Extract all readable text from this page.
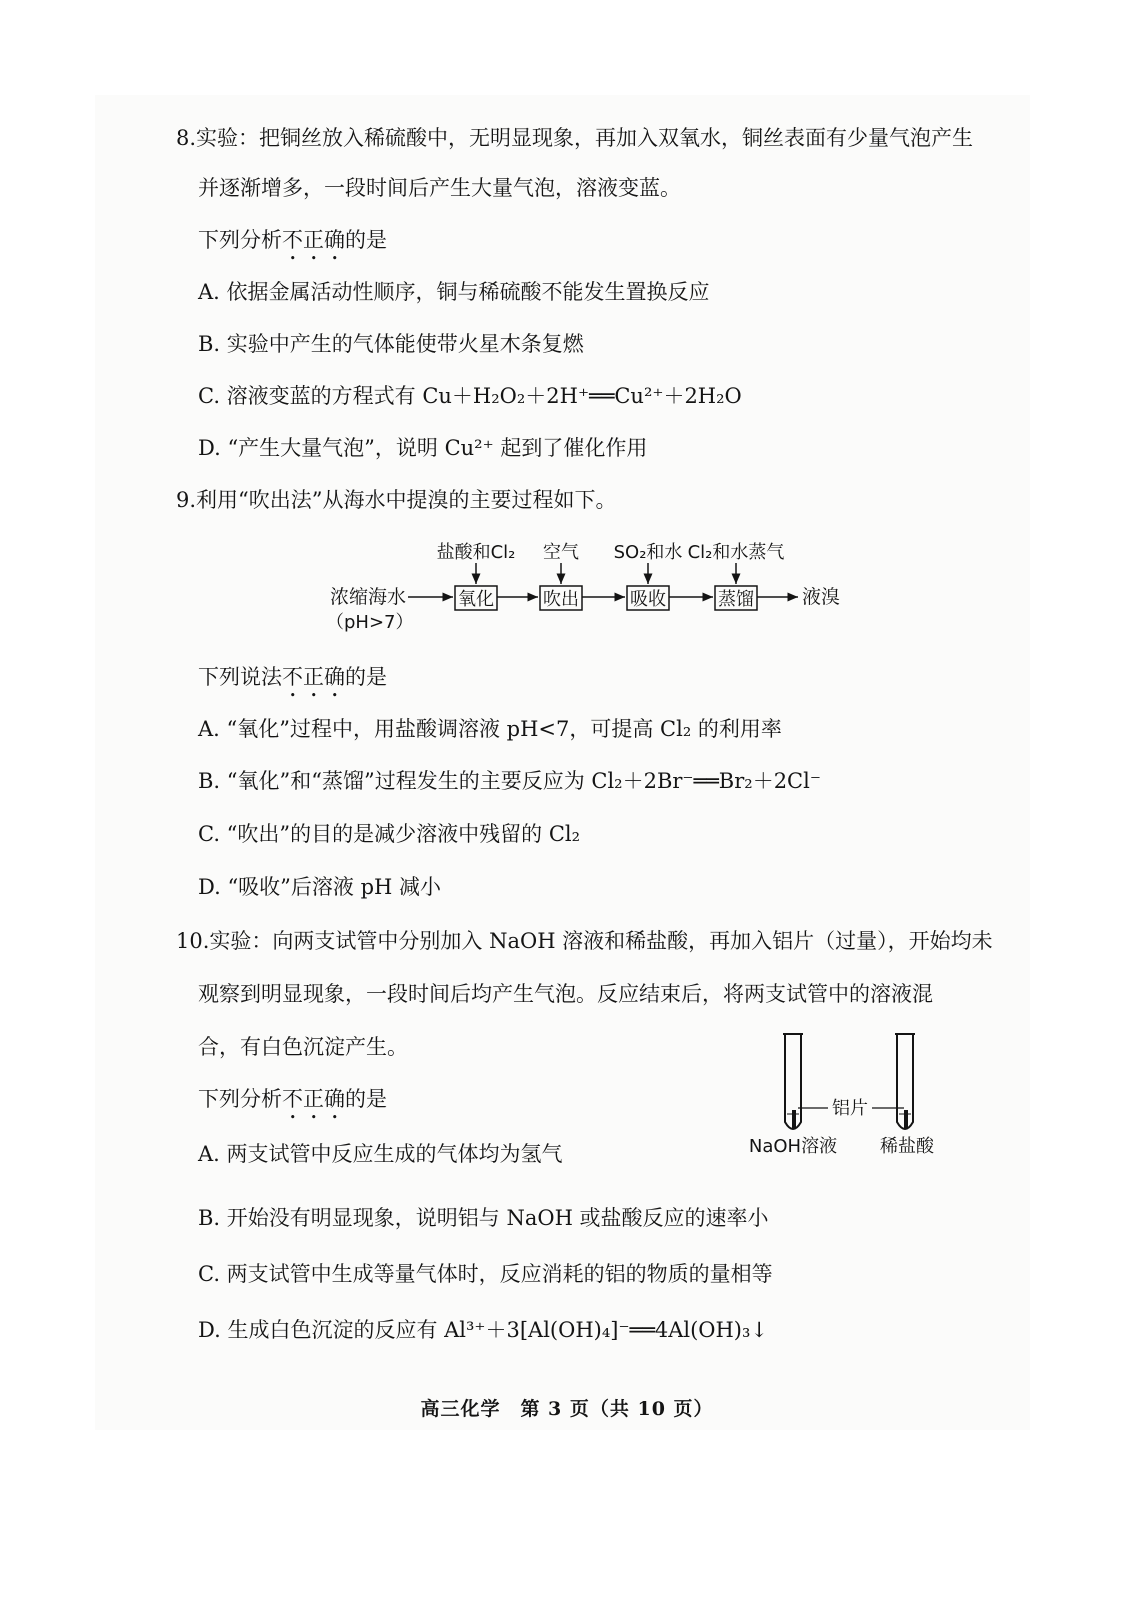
8.实验：把铜丝放入稀硫酸中，无明显现象，再加入双氧水，铜丝表面有少量气泡产生
并逐渐增多，一段时间后产生大量气泡，溶液变蓝。
下列分析不正确的是
A. 依据金属活动性顺序，铜与稀硫酸不能发生置换反应
B. 实验中产生的气体能使带火星木条复燃
C. 溶液变蓝的方程式有 Cu＋H₂O₂＋2H⁺══Cu²⁺＋2H₂O
D. “产生大量气泡”，说明 Cu²⁺ 起到了催化作用
9.利用“吹出法”从海水中提溴的主要过程如下。
盐酸和Cl₂ 空气 SO₂和水 Cl₂和水蒸气
浓缩海水
（pH>7）
氧化	吹出	吸收	蒸馏	液溴
下列说法不正确的是
A. “氧化”过程中，用盐酸调溶液 pH<7，可提高 Cl₂ 的利用率
B. “氧化”和“蒸馏”过程发生的主要反应为 Cl₂＋2Br⁻══Br₂＋2Cl⁻
C. “吹出”的目的是减少溶液中残留的 Cl₂
D. “吸收”后溶液 pH 减小
10.实验：向两支试管中分别加入 NaOH 溶液和稀盐酸，再加入铝片（过量），开始均未
观察到明显现象，一段时间后均产生气泡。反应结束后，将两支试管中的溶液混
合，有白色沉淀产生。
下列分析不正确的是
A. 两支试管中反应生成的气体均为氢气
铝片
NaOH溶液 稀盐酸
B. 开始没有明显现象，说明铝与 NaOH 或盐酸反应的速率小
C. 两支试管中生成等量气体时，反应消耗的铝的物质的量相等
D. 生成白色沉淀的反应有 Al³⁺＋3[Al(OH)₄]⁻══4Al(OH)₃↓
高三化学　第 3 页（共 10 页）
